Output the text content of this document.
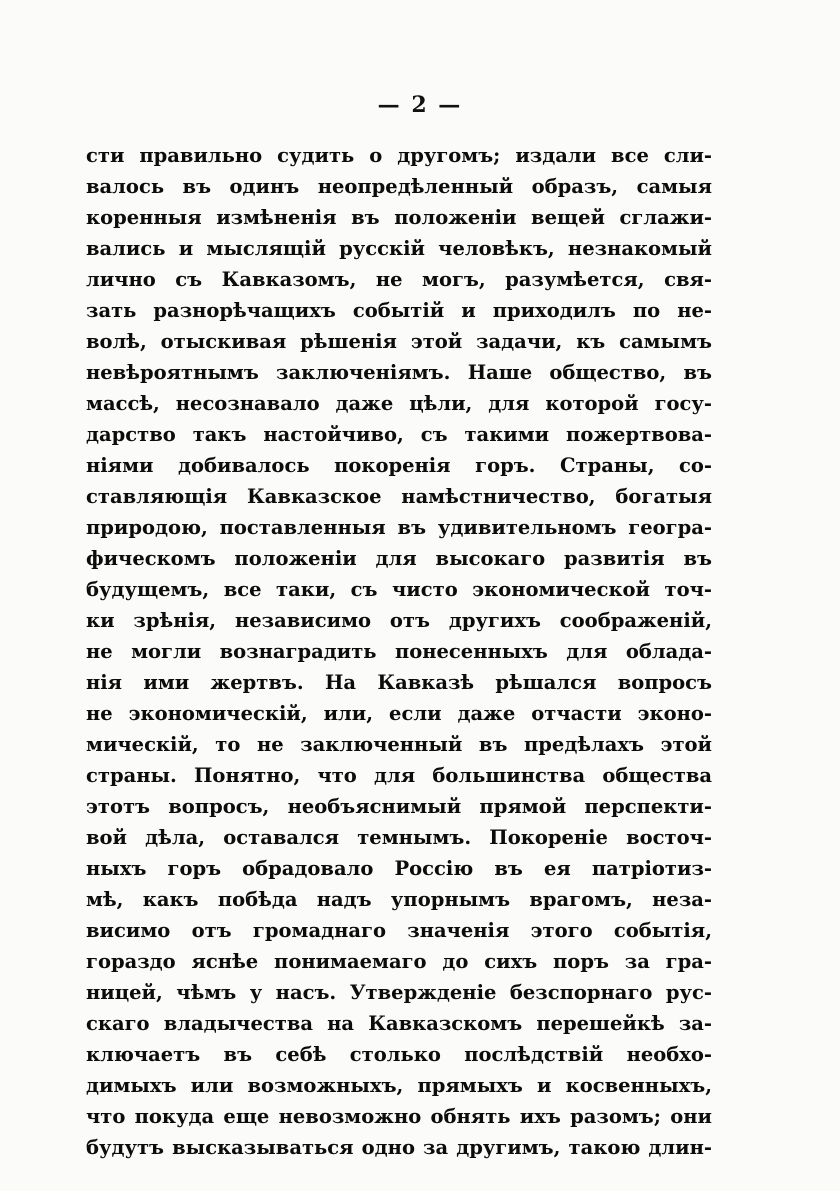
— 2 —
сти правильно судить о другомъ; издали все сли-
валось въ одинъ неопредѣленный образъ, самыя
коренныя измѣненія въ положеніи вещей сглажи-
вались и мыслящій русскій человѣкъ, незнакомый
лично съ Кавказомъ, не могъ, разумѣется, свя-
зать разнорѣчащихъ событій и приходилъ по не-
волѣ, отыскивая рѣшенія этой задачи, къ самымъ
невѣроятнымъ заключеніямъ. Наше общество, въ
массѣ, несознавало даже цѣли, для которой госу-
дарство такъ настойчиво, съ такими пожертвова-
ніями добивалось покоренія горъ. Страны, со-
ставляющія Кавказское намѣстничество, богатыя
природою, поставленныя въ удивительномъ геогра-
фическомъ положеніи для высокаго развитія въ
будущемъ, все таки, съ чисто экономической точ-
ки зрѣнія, независимо отъ другихъ соображеній,
не могли вознаградить понесенныхъ для облада-
нія ими жертвъ. На Кавказѣ рѣшался вопросъ
не экономическій, или, если даже отчасти эконо-
мическій, то не заключенный въ предѣлахъ этой
страны. Понятно, что для большинства общества
этотъ вопросъ, необъяснимый прямой перспекти-
вой дѣла, оставался темнымъ. Покореніе восточ-
ныхъ горъ обрадовало Россію въ ея патріотиз-
мѣ, какъ побѣда надъ упорнымъ врагомъ, неза-
висимо отъ громаднаго значенія этого событія,
гораздо яснѣе понимаемаго до сихъ поръ за гра-
ницей, чѣмъ у насъ. Утвержденіе безспорнаго рус-
скаго владычества на Кавказскомъ перешейкѣ за-
ключаетъ въ себѣ столько послѣдствій необхо-
димыхъ или возможныхъ, прямыхъ и косвенныхъ,
что покуда еще невозможно обнять ихъ разомъ; они
будутъ высказываться одно за другимъ, такою длин-
